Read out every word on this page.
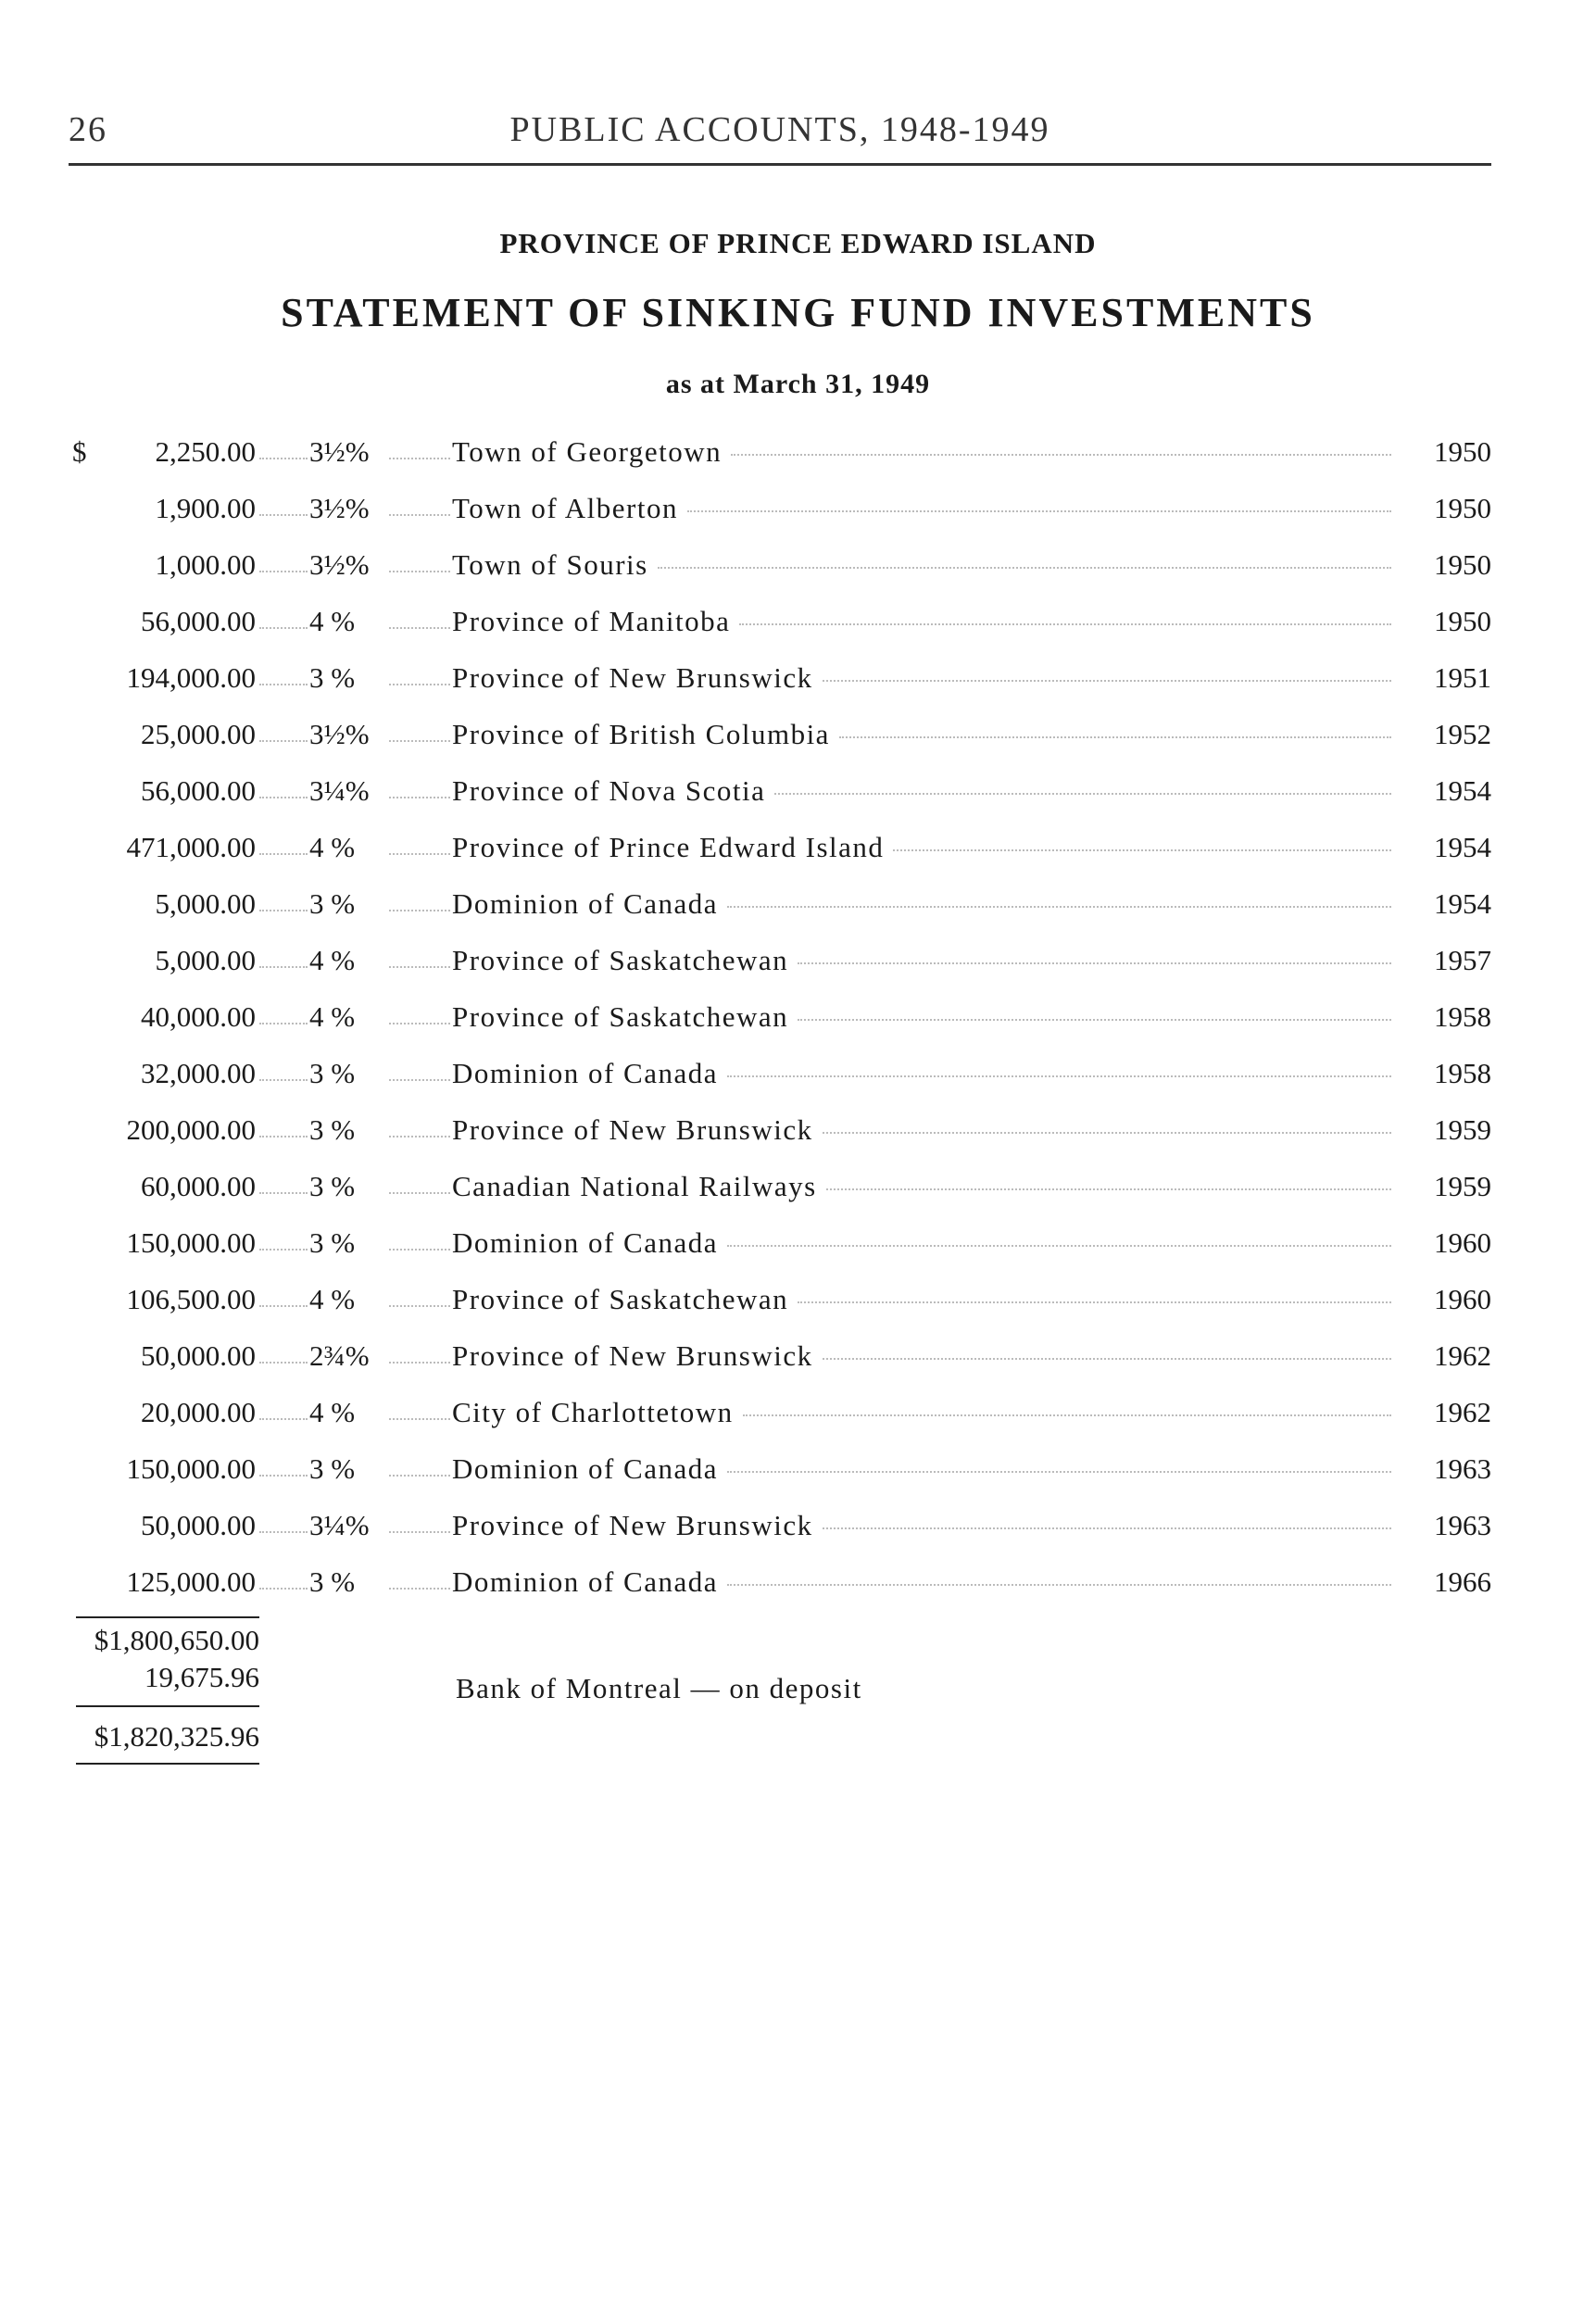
26	PUBLIC ACCOUNTS, 1948-1949
PROVINCE OF PRINCE EDWARD ISLAND
STATEMENT OF SINKING FUND INVESTMENTS
as at March 31, 1949
$	2,250.00 3½%	Town of Georgetown	1950
1,900.00 3½%	Town of Alberton	1950
1,000.00 3½%	Town of Souris	1950
56,000.00 4 %	Province of Manitoba	1950
194,000.00 3 %	Province of New Brunswick	1951
25,000.00 3½%	Province of British Columbia	1952
56,000.00 3¼%	Province of Nova Scotia	1954
471,000.00 4 %	Province of Prince Edward Island	1954
5,000.00 3 %	Dominion of Canada	1954
5,000.00 4 %	Province of Saskatchewan	1957
40,000.00 4 %	Province of Saskatchewan	1958
32,000.00 3 %	Dominion of Canada	1958
200,000.00 3 %	Province of New Brunswick	1959
60,000.00 3 %	Canadian National Railways	1959
150,000.00 3 %	Dominion of Canada	1960
106,500.00 4 %	Province of Saskatchewan	1960
50,000.00 2¾%	Province of New Brunswick	1962
20,000.00 4 %	City of Charlottetown	1962
150,000.00 3 %	Dominion of Canada	1963
50,000.00 3¼%	Province of New Brunswick	1963
125,000.00 3 %	Dominion of Canada	1966
$1,800,650.00
19,675.96	Bank of Montreal — on deposit
$1,820,325.96
